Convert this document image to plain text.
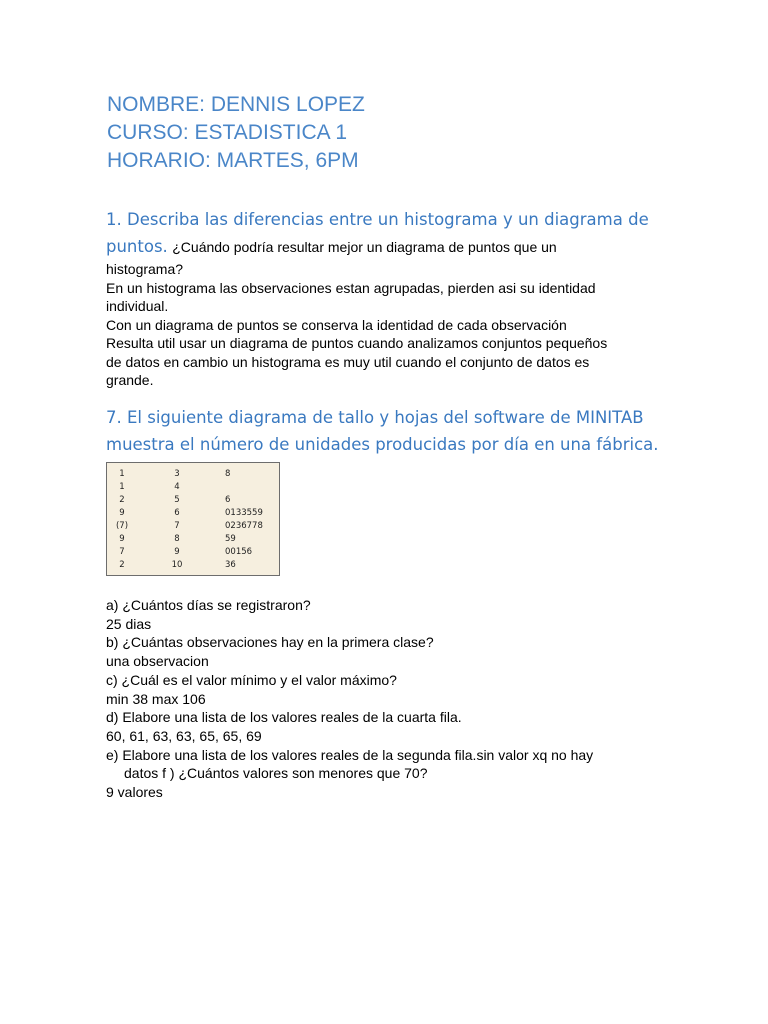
NOMBRE: DENNIS LOPEZ
CURSO: ESTADISTICA 1
HORARIO: MARTES, 6PM
1. Describa las diferencias entre un histograma y un diagrama de
puntos. ¿Cuándo podría resultar mejor un diagrama de puntos que un
histograma?
En un histograma las observaciones estan agrupadas, pierden asi su identidad
individual.
Con un diagrama de puntos se conserva la identidad de cada observación
Resulta util usar un diagrama de puntos cuando analizamos conjuntos pequeños
de datos en cambio un histograma es muy util cuando el conjunto de datos es
grande.
7. El siguiente diagrama de tallo y hojas del software de MINITAB
muestra el número de unidades producidas por día en una fábrica.
1	3	8
1	4
2	5	6
9	6	0133559
(7)	7	0236778
9	8	59
7	9	00156
2	10	36
a) ¿Cuántos días se registraron?
25 dias
b) ¿Cuántas observaciones hay en la primera clase?
una observacion
c) ¿Cuál es el valor mínimo y el valor máximo?
min 38 max 106
d) Elabore una lista de los valores reales de la cuarta fila.
60, 61, 63, 63, 65, 65, 69
e) Elabore una lista de los valores reales de la segunda fila.sin valor xq no hay
datos f ) ¿Cuántos valores son menores que 70?
9 valores
